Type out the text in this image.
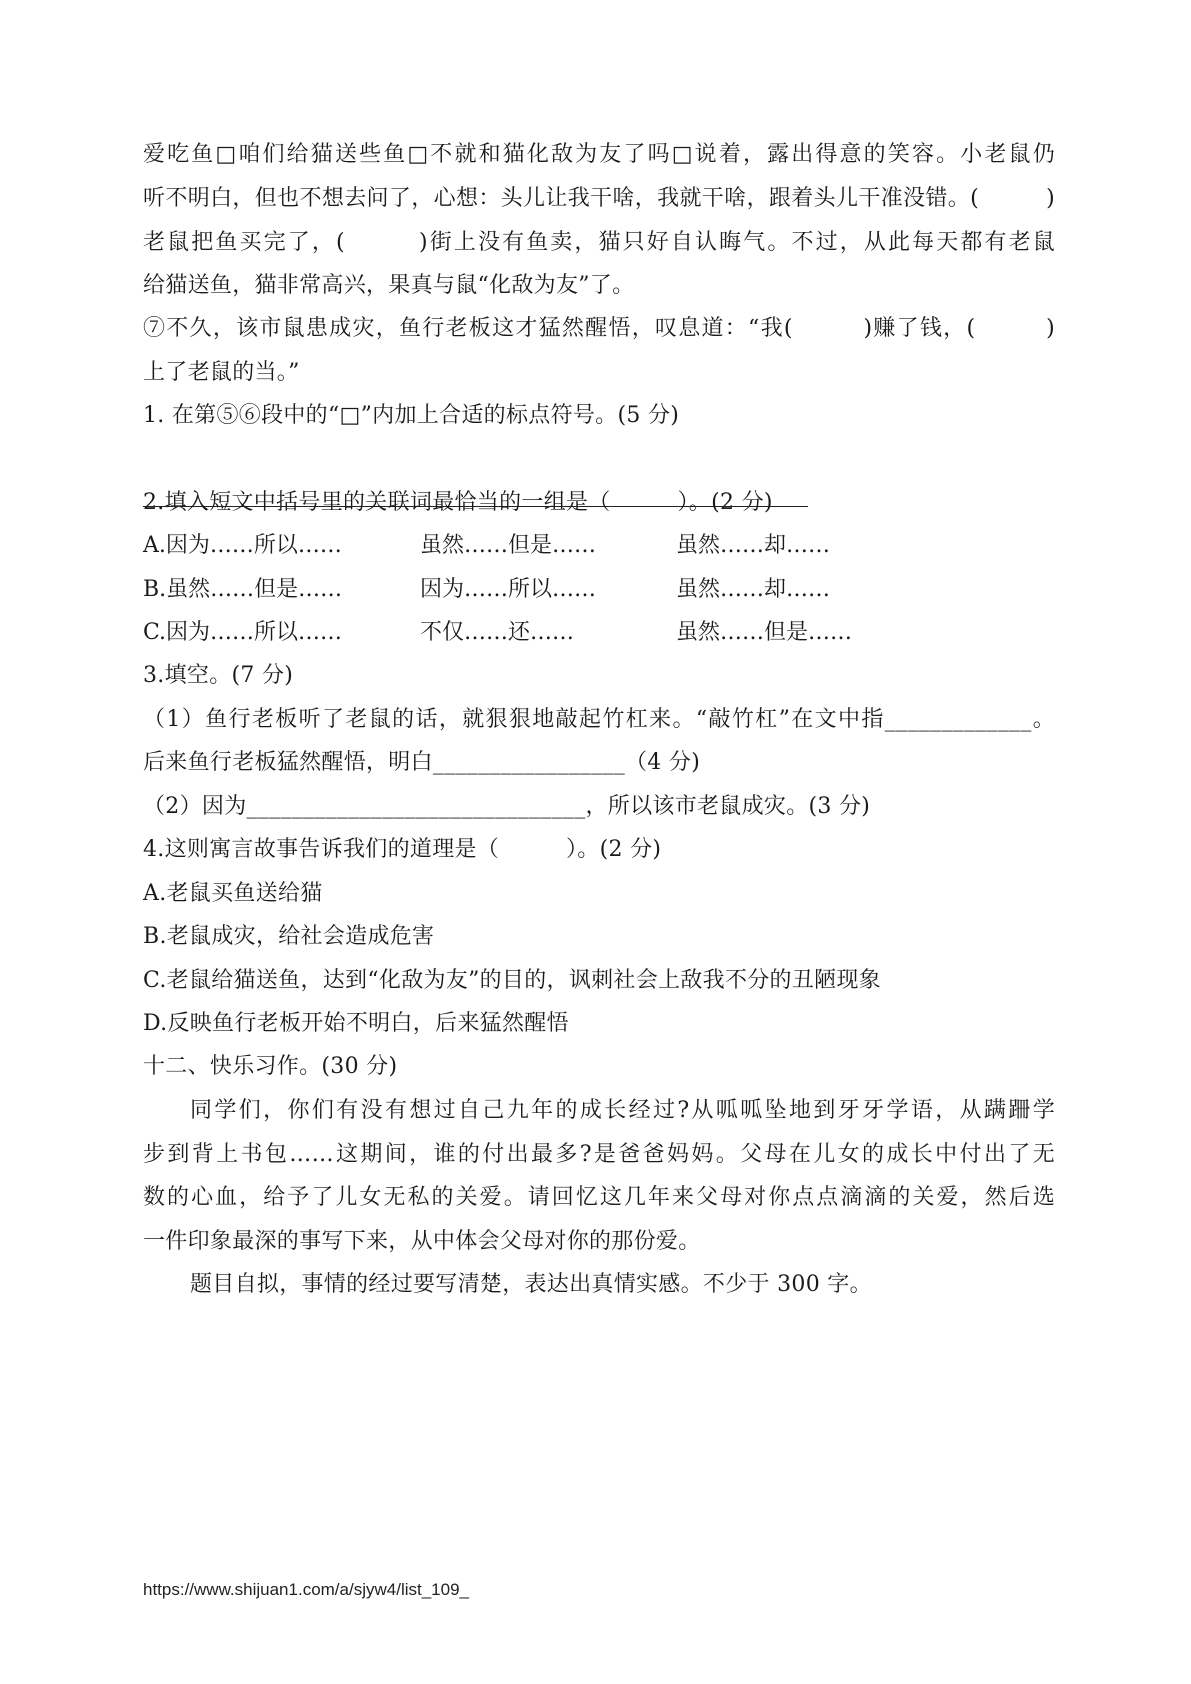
爱吃鱼□咱们给猫送些鱼□不就和猫化敌为友了吗□说着，露出得意的笑容。小老鼠仍
听不明白，但也不想去问了，心想：头儿让我干啥，我就干啥，跟着头儿干准没错。(　　　)
老鼠把鱼买完了，(　　　)街上没有鱼卖，猫只好自认晦气。不过，从此每天都有老鼠
给猫送鱼，猫非常高兴，果真与鼠“化敌为友”了。
⑦不久，该市鼠患成灾，鱼行老板这才猛然醒悟，叹息道：“我(　　　)赚了钱，(　　　)
上了老鼠的当。”
1. 在第⑤⑥段中的“□”内加上合适的标点符号。(5 分)
2.填入短文中括号里的关联词最恰当的一组是（　　　）。(2 分)
A.因为……所以……	虽然……但是……	虽然……却……
B.虽然……但是……	因为……所以……	虽然……却……
C.因为……所以……	不仅……还……	虽然……但是……
3.填空。(7 分)
（1）鱼行老板听了老鼠的话，就狠狠地敲起竹杠来。“敲竹杠”在文中指_____________。
后来鱼行老板猛然醒悟，明白_________________（4 分)
（2）因为______________________________，所以该市老鼠成灾。(3 分)
4.这则寓言故事告诉我们的道理是（　　　）。(2 分)
A.老鼠买鱼送给猫
B.老鼠成灾，给社会造成危害
C.老鼠给猫送鱼，达到“化敌为友”的目的，讽刺社会上敌我不分的丑陋现象
D.反映鱼行老板开始不明白，后来猛然醒悟
十二、快乐习作。(30 分)
同学们，你们有没有想过自己九年的成长经过?从呱呱坠地到牙牙学语，从蹒跚学
步到背上书包……这期间，谁的付出最多?是爸爸妈妈。父母在儿女的成长中付出了无
数的心血，给予了儿女无私的关爱。请回忆这几年来父母对你点点滴滴的关爱，然后选
一件印象最深的事写下来，从中体会父母对你的那份爱。
题目自拟，事情的经过要写清楚，表达出真情实感。不少于 300 字。
https://www.shijuan1.com/a/sjyw4/list_109_
